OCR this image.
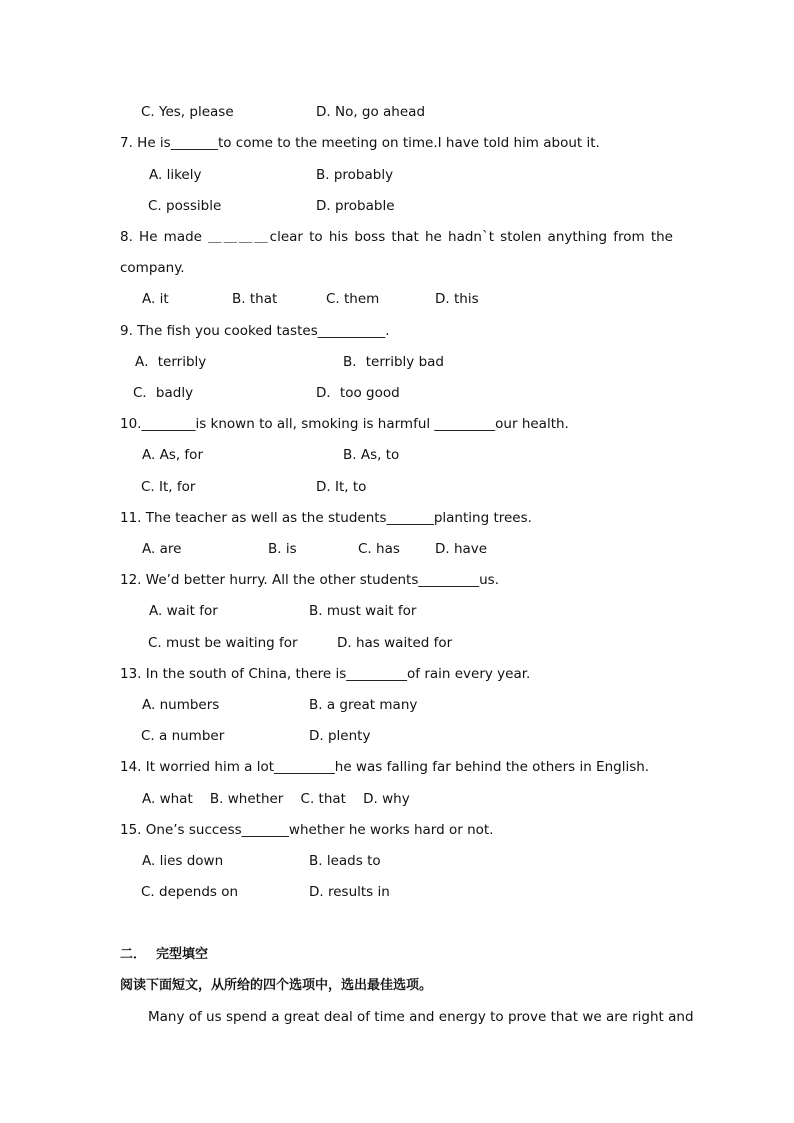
C. Yes, please	D. No, go ahead
7. He is_______to come to the meeting on time.I have told him about it.
A. likely	B. probably
C. possible	D. probable
8. He made ＿＿＿＿clear to his boss that he hadn`t stolen anything from the
company.
A. it	B. that	C. them	D. this
9. The fish you cooked tastes__________.
A．terribly	B．terribly bad
C．badly	D．too good
10.________is known to all, smoking is harmful _________our health.
A. As, for	B. As, to
C. It, for	D. It, to
11. The teacher as well as the students_______planting trees.
A. are	B. is	C. has	D. have
12. We’d better hurry. All the other students_________us.
A. wait for	B. must wait for
C. must be waiting for	D. has waited for
13. In the south of China, there is_________of rain every year.
A. numbers	B. a great many
C. a number	D. plenty
14. It worried him a lot_________he was falling far behind the others in English.
A. what    B. whether    C. that    D. why
15. One’s success_______whether he works hard or not.
A. lies down	B. leads to
C. depends on	D. results in
二． 完型填空
阅读下面短文，从所给的四个选项中，选出最佳选项。
Many of us spend a great deal of time and energy to prove that we are right and
